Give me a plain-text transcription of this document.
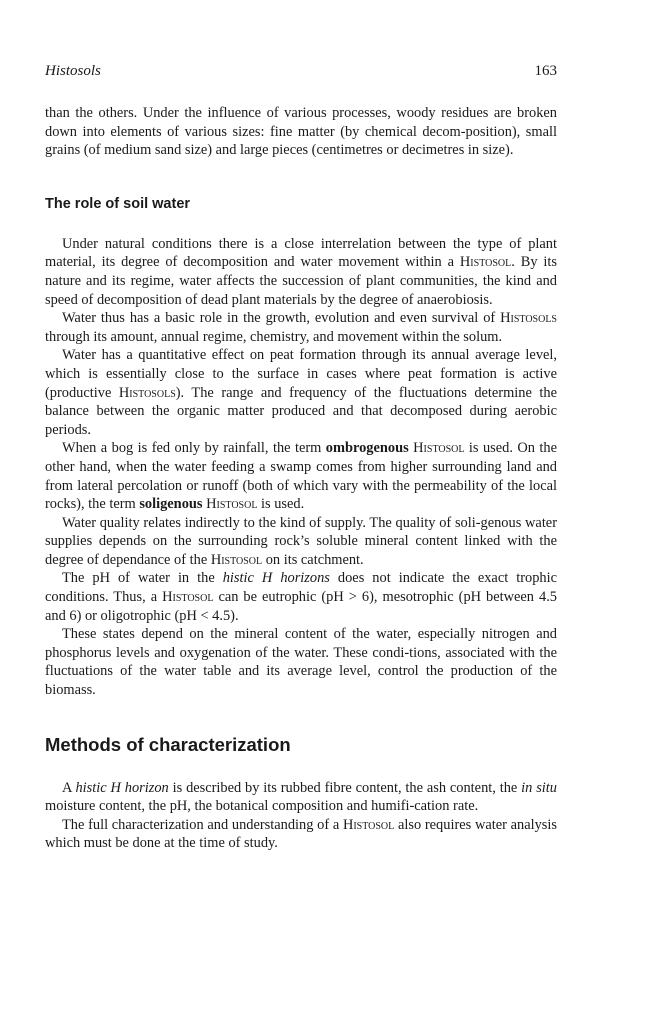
Histosols	163

than the others. Under the influence of various processes, woody residues are broken down into elements of various sizes: fine matter (by chemical decom-position), small grains (of medium sand size) and large pieces (centimetres or decimetres in size).

The role of soil water

Under natural conditions there is a close interrelation between the type of plant material, its degree of decomposition and water movement within a Histosol. By its nature and its regime, water affects the succession of plant communities, the kind and speed of decomposition of dead plant materials by the degree of anaerobiosis.

Water thus has a basic role in the growth, evolution and even survival of Histosols through its amount, annual regime, chemistry, and movement within the solum.

Water has a quantitative effect on peat formation through its annual average level, which is essentially close to the surface in cases where peat formation is active (productive Histosols). The range and frequency of the fluctuations determine the balance between the organic matter produced and that decomposed during aerobic periods.

When a bog is fed only by rainfall, the term ombrogenous Histosol is used. On the other hand, when the water feeding a swamp comes from higher surrounding land and from lateral percolation or runoff (both of which vary with the permeability of the local rocks), the term soligenous Histosol is used.

Water quality relates indirectly to the kind of supply. The quality of soli-genous water supplies depends on the surrounding rock’s soluble mineral content linked with the degree of dependance of the Histosol on its catchment.

The pH of water in the histic H horizons does not indicate the exact trophic conditions. Thus, a Histosol can be eutrophic (pH > 6), mesotrophic (pH between 4.5 and 6) or oligotrophic (pH < 4.5).

These states depend on the mineral content of the water, especially nitrogen and phosphorus levels and oxygenation of the water. These condi-tions, associated with the fluctuations of the water table and its average level, control the production of the biomass.

Methods of characterization

A histic H horizon is described by its rubbed fibre content, the ash content, the in situ moisture content, the pH, the botanical composition and humifi-cation rate.

The full characterization and understanding of a Histosol also requires water analysis which must be done at the time of study.
